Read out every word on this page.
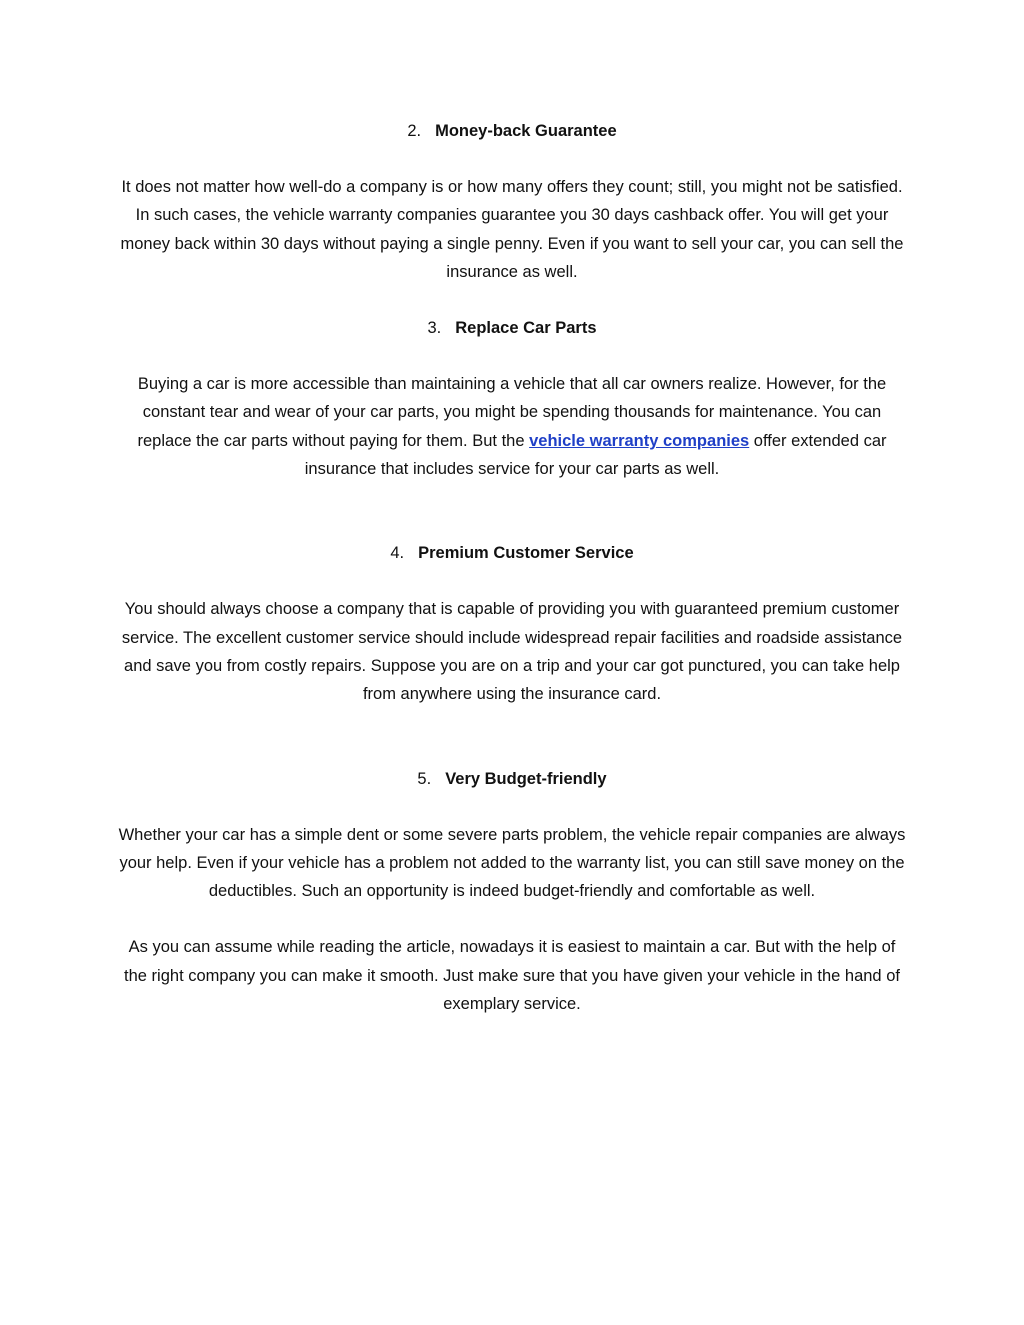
2. Money-back Guarantee

It does not matter how well-do a company is or how many offers they count; still, you might not be satisfied. In such cases, the vehicle warranty companies guarantee you 30 days cashback offer. You will get your money back within 30 days without paying a single penny. Even if you want to sell your car, you can sell the insurance as well.

3. Replace Car Parts

Buying a car is more accessible than maintaining a vehicle that all car owners realize. However, for the constant tear and wear of your car parts, you might be spending thousands for maintenance. You can replace the car parts without paying for them. But the vehicle warranty companies offer extended car insurance that includes service for your car parts as well.

4. Premium Customer Service

You should always choose a company that is capable of providing you with guaranteed premium customer service. The excellent customer service should include widespread repair facilities and roadside assistance and save you from costly repairs. Suppose you are on a trip and your car got punctured, you can take help from anywhere using the insurance card.

5. Very Budget-friendly

Whether your car has a simple dent or some severe parts problem, the vehicle repair companies are always your help. Even if your vehicle has a problem not added to the warranty list, you can still save money on the deductibles. Such an opportunity is indeed budget-friendly and comfortable as well.

As you can assume while reading the article, nowadays it is easiest to maintain a car. But with the help of the right company you can make it smooth. Just make sure that you have given your vehicle in the hand of exemplary service.
